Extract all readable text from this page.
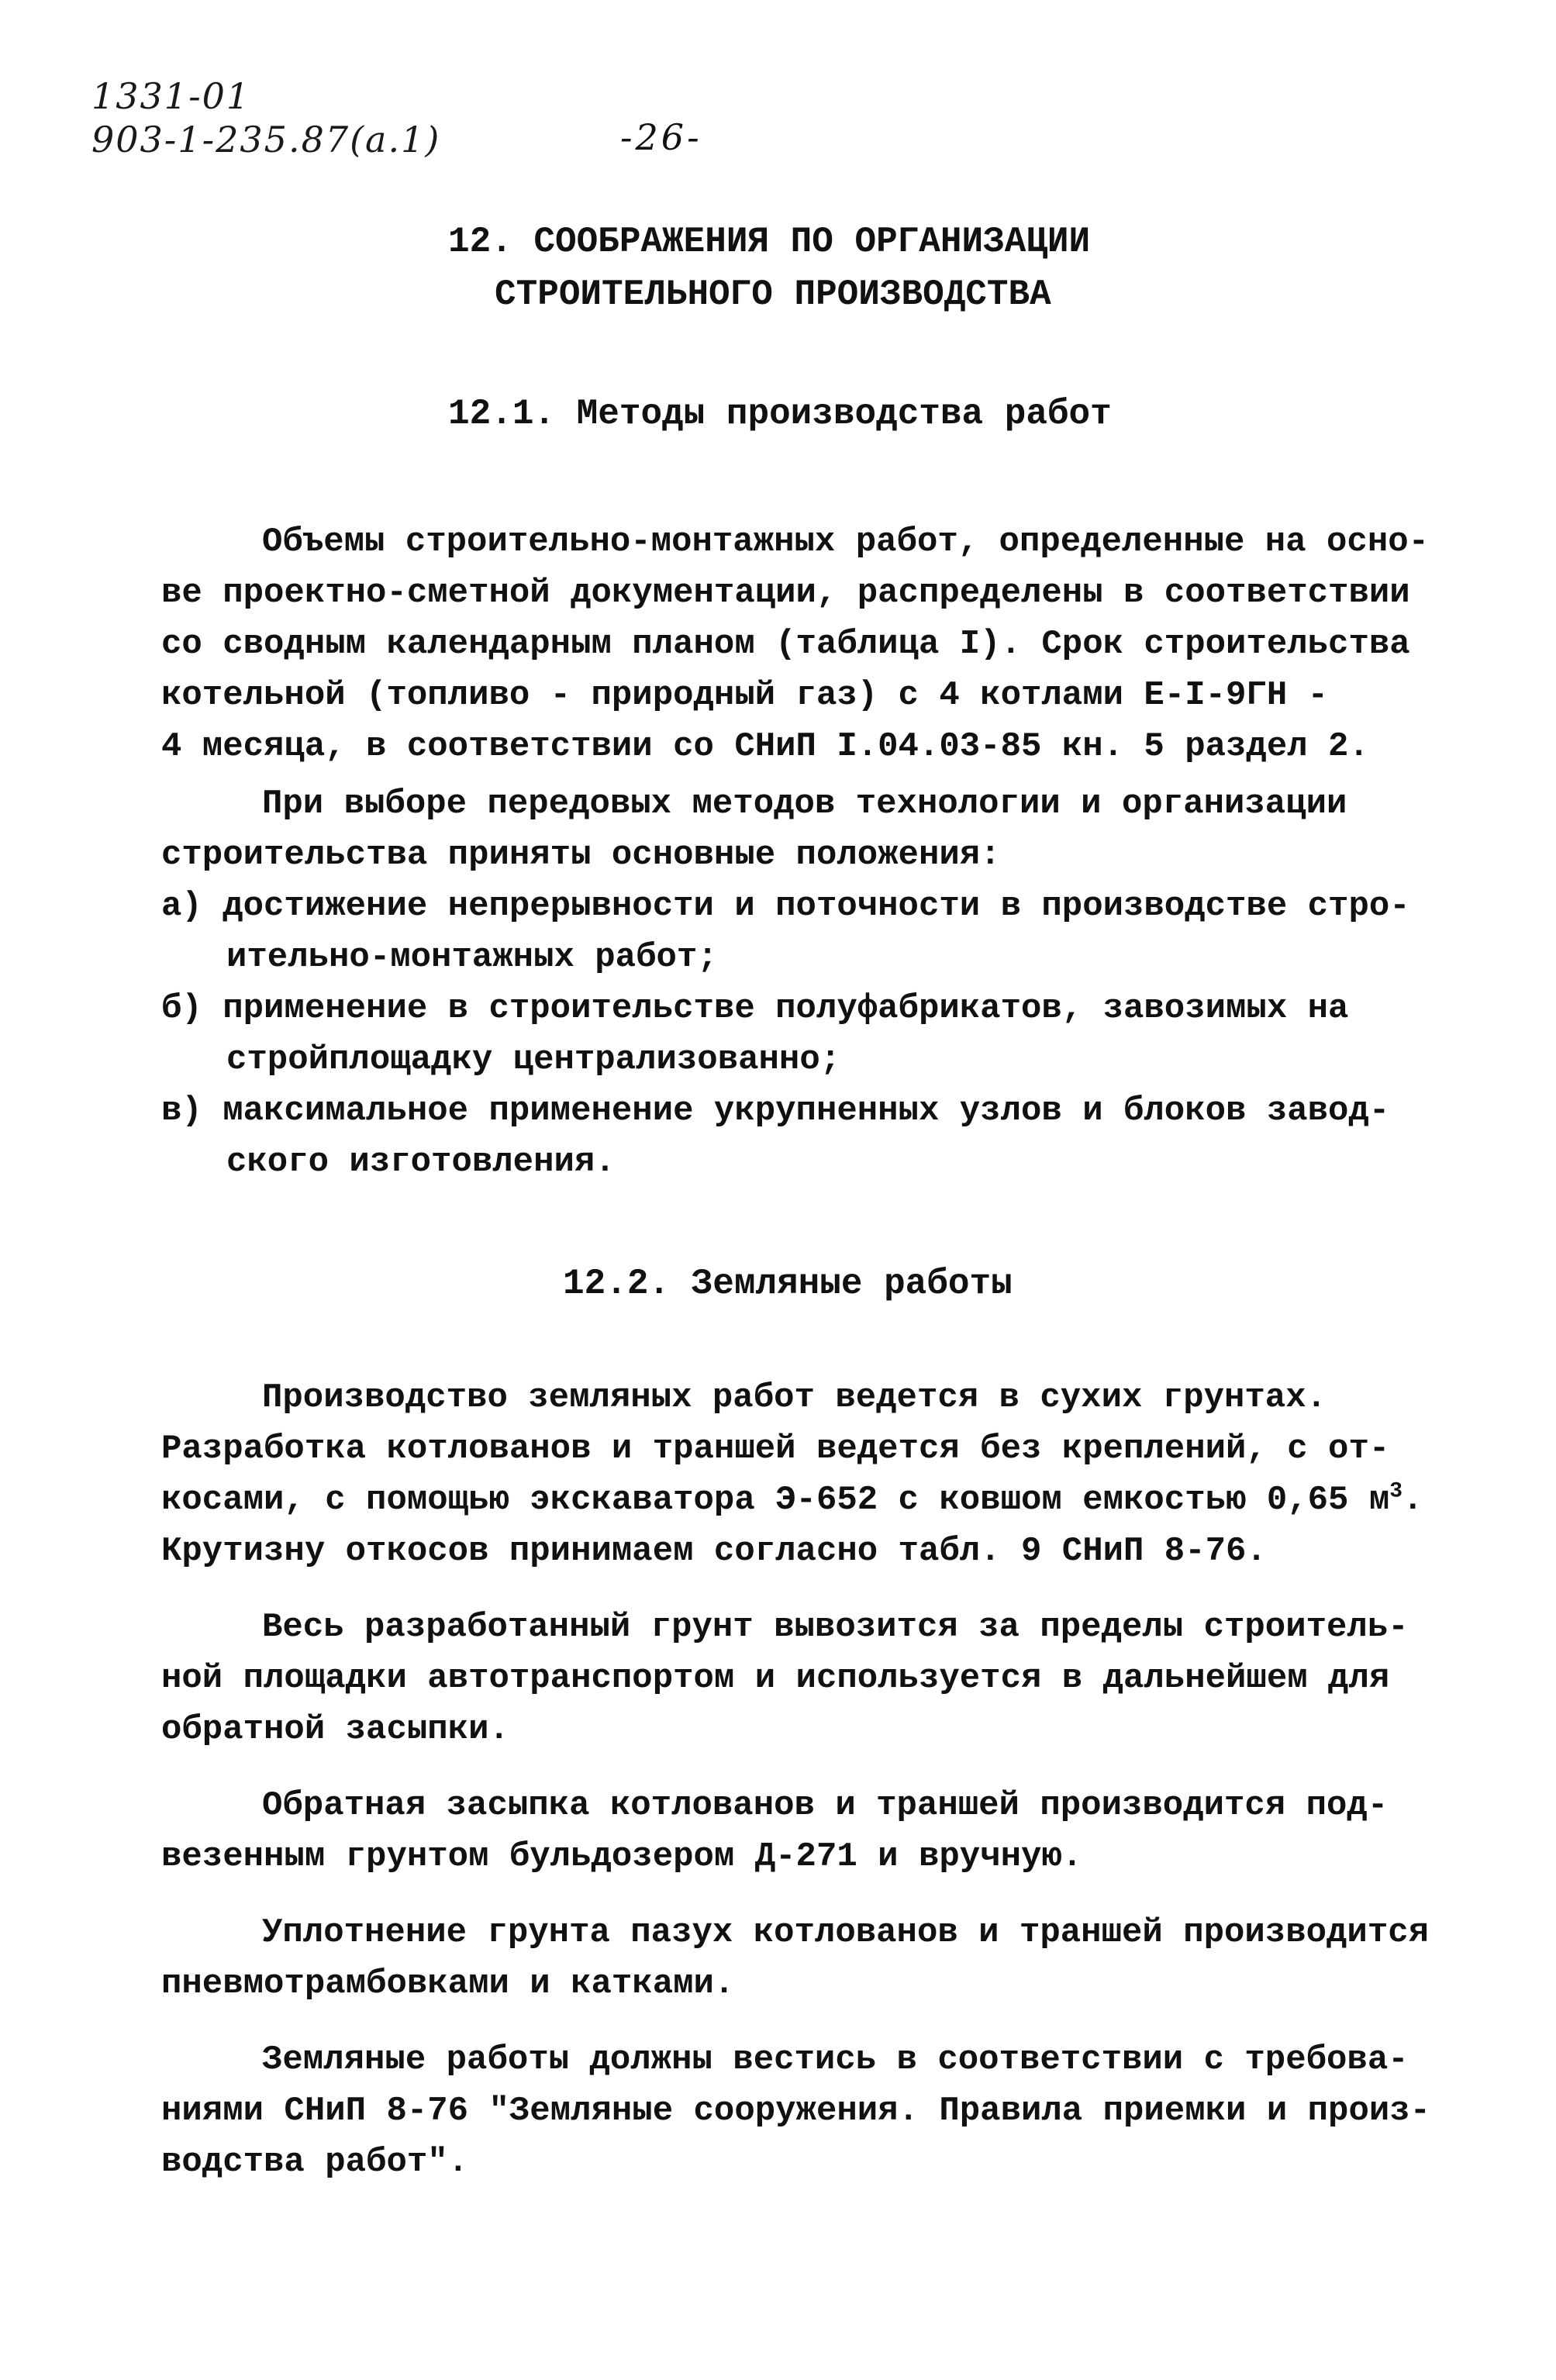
1331-01
903-1-235.87(a.1)	-26-
12. СООБРАЖЕНИЯ ПО ОРГАНИЗАЦИИ
СТРОИТЕЛЬНОГО ПРОИЗВОДСТВА
12.1. Методы производства работ
Объемы строительно-монтажных работ, определенные на осно-
ве проектно-сметной документации, распределены в соответствии
со сводным календарным планом (таблица I). Срок строительства
котельной (топливо - природный газ) с 4 котлами Е-I-9ГН -
4 месяца, в соответствии со СНиП I.04.03-85 кн. 5 раздел 2.
При выборе передовых методов технологии и организации
строительства приняты основные положения:
а) достижение непрерывности и поточности в производстве стро-
ительно-монтажных работ;
б) применение в строительстве полуфабрикатов, завозимых на
стройплощадку централизованно;
в) максимальное применение укрупненных узлов и блоков завод-
ского изготовления.
12.2. Земляные работы
Производство земляных работ ведется в сухих грунтах.
Разработка котлованов и траншей ведется без креплений, с от-
косами, с помощью экскаватора Э-652 с ковшом емкостью 0,65 $м^3$.
Крутизну откосов принимаем согласно табл. 9 СНиП 8-76.
Весь разработанный грунт вывозится за пределы строитель-
ной площадки автотранспортом и используется в дальнейшем для
обратной засыпки.
Обратная засыпка котлованов и траншей производится под-
везенным грунтом бульдозером Д-271 и вручную.
Уплотнение грунта пазух котлованов и траншей производится
пневмотрамбовками и катками.
Земляные работы должны вестись в соответствии с требова-
ниями СНиП 8-76 "Земляные сооружения. Правила приемки и произ-
водства работ".
